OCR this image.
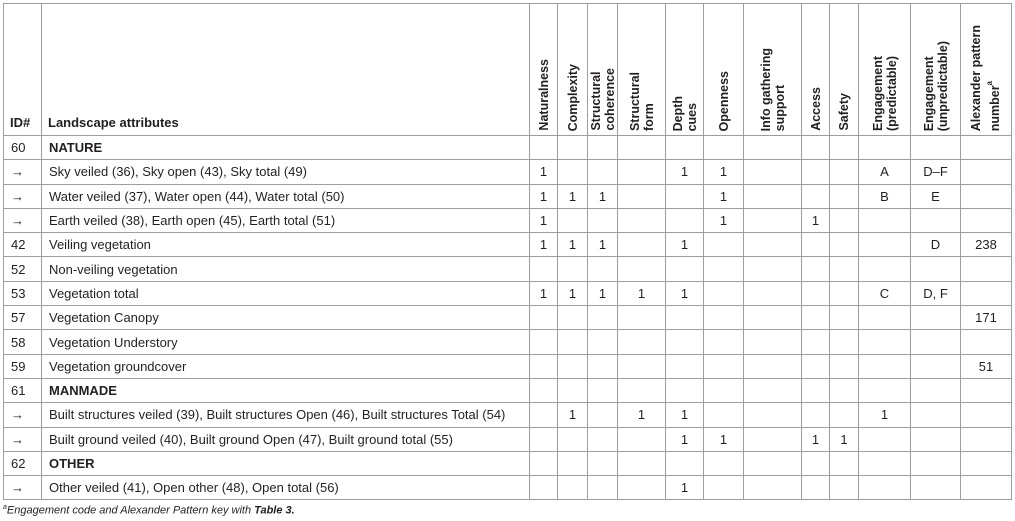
ID#	Landscape attributes	Naturalness	Complexity	Structural coherence	Structural form	Depth cues	Openness	Info gathering support	Access	Safety	Engagement (predictable)	Engagement (unpredictable)	Alexander pattern number$^a$

60	NATURE												
→	Sky veiled (36), Sky open (43), Sky total (49)	1				1	1				A	D–F	
→	Water veiled (37), Water open (44), Water total (50)	1	1	1			1				B	E	
→	Earth veiled (38), Earth open (45), Earth total (51)	1					1		1				
42	Veiling vegetation	1	1	1		1						D	238
52	Non-veiling vegetation												
53	Vegetation total	1	1	1	1	1					C	D, F	
57	Vegetation Canopy												171
58	Vegetation Understory												
59	Vegetation groundcover												51
61	MANMADE												
→	Built structures veiled (39), Built structures Open (46), Built structures Total (54)		1		1	1					1		
→	Built ground veiled (40), Built ground Open (47), Built ground total (55)					1	1		1	1			
62	OTHER												
→	Other veiled (41), Open other (48), Open total (56)					1							
$^a$Engagement code and Alexander Pattern key with Table 3.
